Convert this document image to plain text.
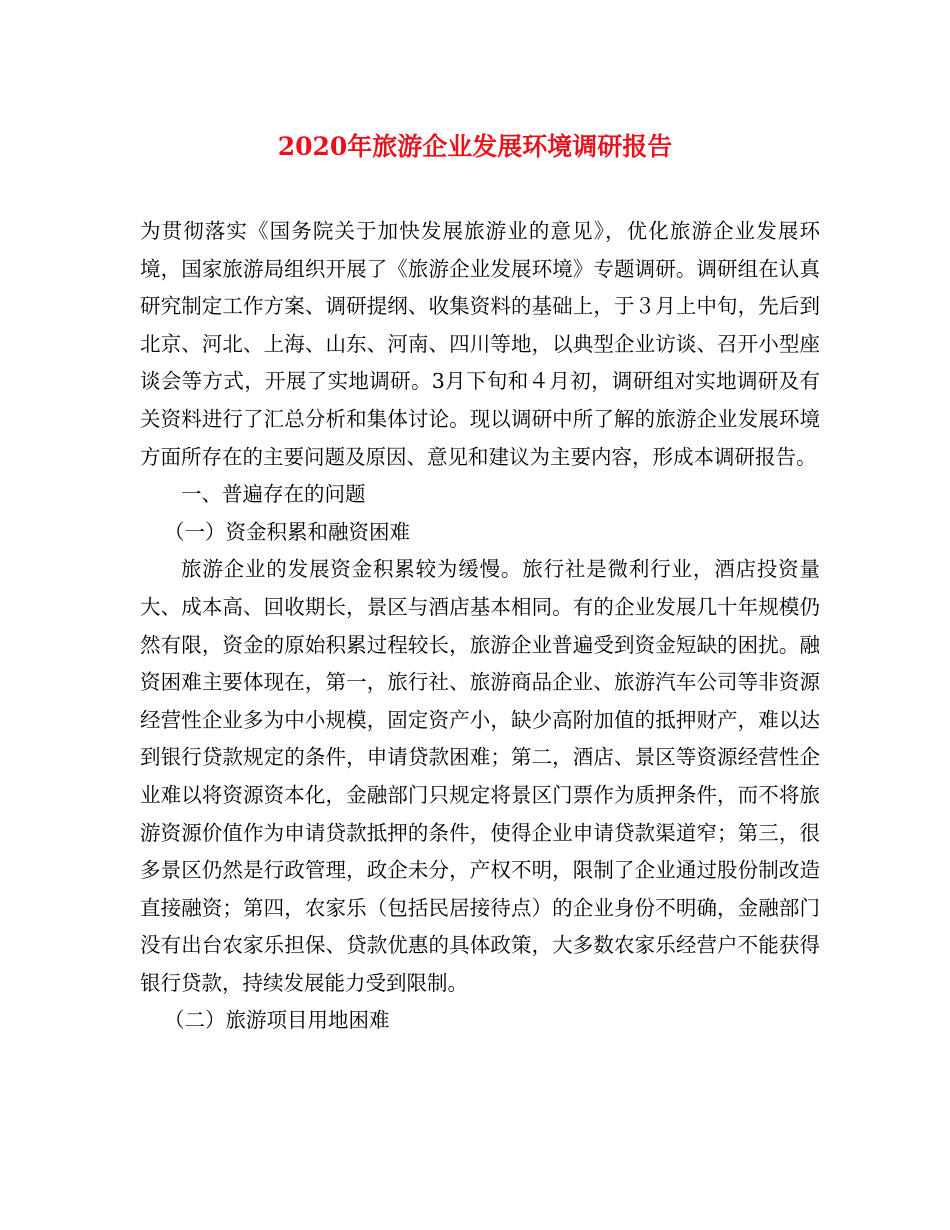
2020年旅游企业发展环境调研报告

为贯彻落实《国务院关于加快发展旅游业的意见》，优化旅游企业发展环境，国家旅游局组织开展了《旅游企业发展环境》专题调研。调研组在认真研究制定工作方案、调研提纲、收集资料的基础上，于３月上中旬，先后到北京、河北、上海、山东、河南、四川等地，以典型企业访谈、召开小型座谈会等方式，开展了实地调研。3月下旬和４月初，调研组对实地调研及有关资料进行了汇总分析和集体讨论。现以调研中所了解的旅游企业发展环境方面所存在的主要问题及原因、意见和建议为主要内容，形成本调研报告。

一、普遍存在的问题

（一）资金积累和融资困难

旅游企业的发展资金积累较为缓慢。旅行社是微利行业，酒店投资量大、成本高、回收期长，景区与酒店基本相同。有的企业发展几十年规模仍然有限，资金的原始积累过程较长，旅游企业普遍受到资金短缺的困扰。融资困难主要体现在，第一，旅行社、旅游商品企业、旅游汽车公司等非资源经营性企业多为中小规模，固定资产小，缺少高附加值的抵押财产，难以达到银行贷款规定的条件，申请贷款困难；第二，酒店、景区等资源经营性企业难以将资源资本化，金融部门只规定将景区门票作为质押条件，而不将旅游资源价值作为申请贷款抵押的条件，使得企业申请贷款渠道窄；第三，很多景区仍然是行政管理，政企未分，产权不明，限制了企业通过股份制改造直接融资；第四，农家乐（包括民居接待点）的企业身份不明确，金融部门没有出台农家乐担保、贷款优惠的具体政策，大多数农家乐经营户不能获得银行贷款，持续发展能力受到限制。

（二）旅游项目用地困难
